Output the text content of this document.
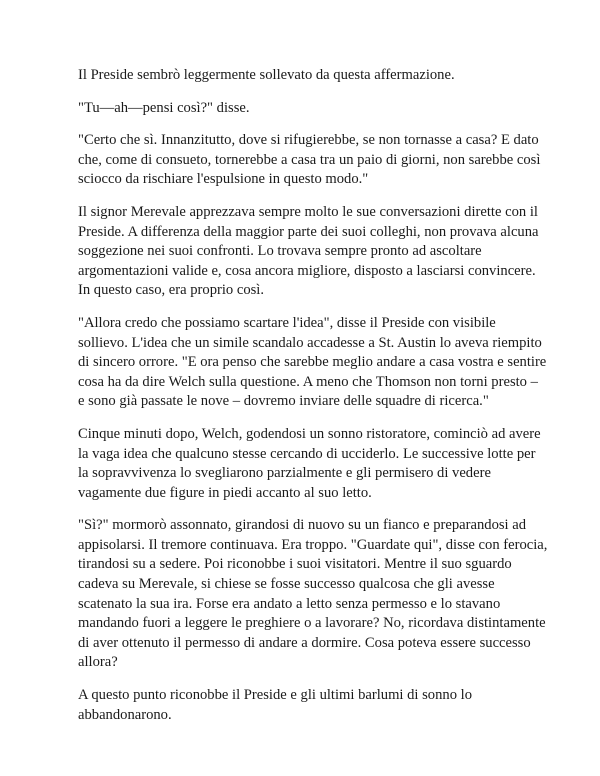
Il Preside sembrò leggermente sollevato da questa affermazione.

"Tu—ah—pensi così?" disse.

"Certo che sì. Innanzitutto, dove si rifugierebbe, se non tornasse a casa? E dato che, come di consueto, tornerebbe a casa tra un paio di giorni, non sarebbe così sciocco da rischiare l'espulsione in questo modo."

Il signor Merevale apprezzava sempre molto le sue conversazioni dirette con il Preside. A differenza della maggior parte dei suoi colleghi, non provava alcuna soggezione nei suoi confronti. Lo trovava sempre pronto ad ascoltare argomentazioni valide e, cosa ancora migliore, disposto a lasciarsi convincere. In questo caso, era proprio così.

"Allora credo che possiamo scartare l'idea", disse il Preside con visibile sollievo. L'idea che un simile scandalo accadesse a St. Austin lo aveva riempito di sincero orrore. "E ora penso che sarebbe meglio andare a casa vostra e sentire cosa ha da dire Welch sulla questione. A meno che Thomson non torni presto – e sono già passate le nove – dovremo inviare delle squadre di ricerca."

Cinque minuti dopo, Welch, godendosi un sonno ristoratore, cominciò ad avere la vaga idea che qualcuno stesse cercando di ucciderlo. Le successive lotte per la sopravvivenza lo svegliarono parzialmente e gli permisero di vedere vagamente due figure in piedi accanto al suo letto.

"Sì?" mormorò assonnato, girandosi di nuovo su un fianco e preparandosi ad appisolarsi. Il tremore continuava. Era troppo. "Guardate qui", disse con ferocia, tirandosi su a sedere. Poi riconobbe i suoi visitatori. Mentre il suo sguardo cadeva su Merevale, si chiese se fosse successo qualcosa che gli avesse scatenato la sua ira. Forse era andato a letto senza permesso e lo stavano mandando fuori a leggere le preghiere o a lavorare? No, ricordava distintamente di aver ottenuto il permesso di andare a dormire. Cosa poteva essere successo allora?

A questo punto riconobbe il Preside e gli ultimi barlumi di sonno lo abbandonarono.
